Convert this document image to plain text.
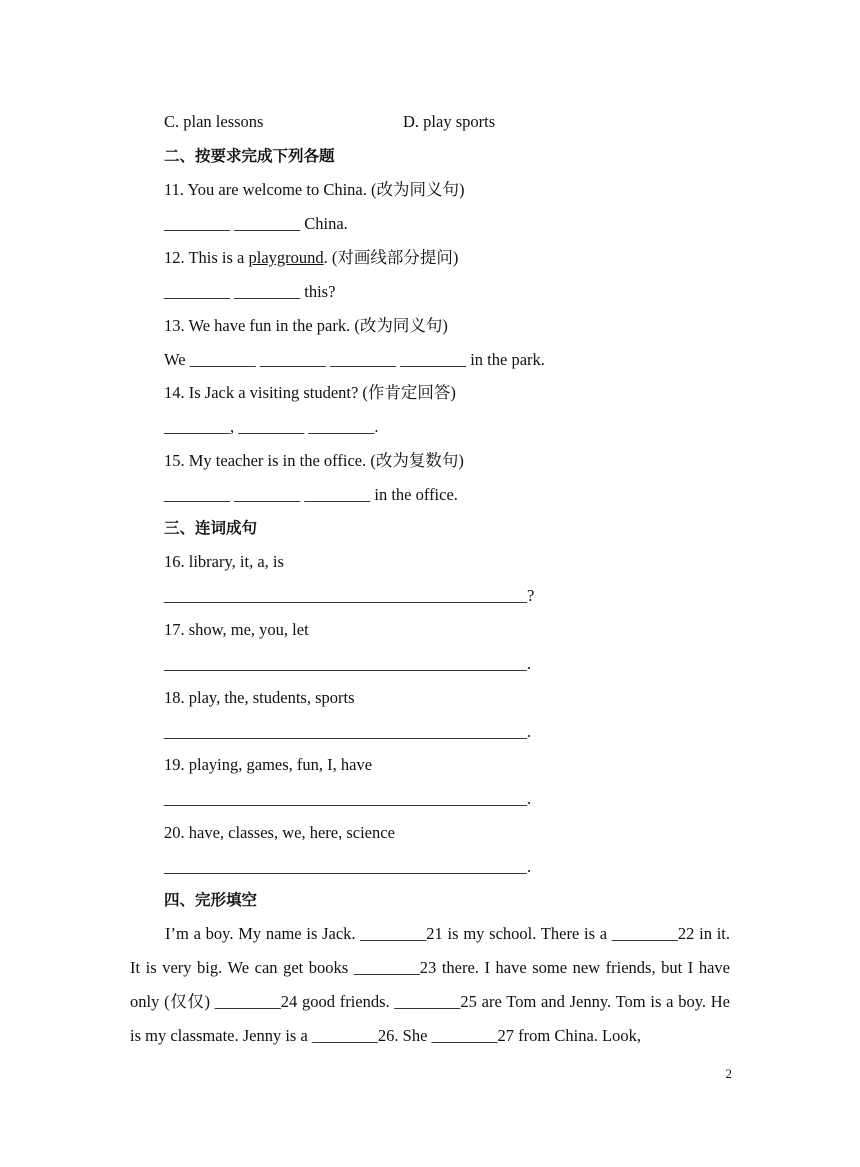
C. plan lessons	D. play sports
二、按要求完成下列各题
11. You are welcome to China. (改为同义句)
________ ________ China.
12. This is a playground. (对画线部分提问)
________ ________ this?
13. We have fun in the park. (改为同义句)
We ________ ________ ________ ________ in the park.
14. Is Jack a visiting student? (作肯定回答)
________, ________ ________.
15. My teacher is in the office. (改为复数句)
________ ________ ________ in the office.
三、连词成句
16. library, it, a, is
____________________________________________?
17. show, me, you, let
____________________________________________.
18. play, the, students, sports
____________________________________________.
19. playing, games, fun, I, have
____________________________________________.
20. have, classes, we, here, science
____________________________________________.
四、完形填空

I’m a boy. My name is Jack. ________21 is my school. There is a ________22 in it. It is very big. We can get books ________23 there. I have some new friends, but I have only (仅仅) ________24 good friends. ________25 are Tom and Jenny. Tom is a boy. He is my classmate. Jenny is a ________26. She ________27 from China. Look,

2
